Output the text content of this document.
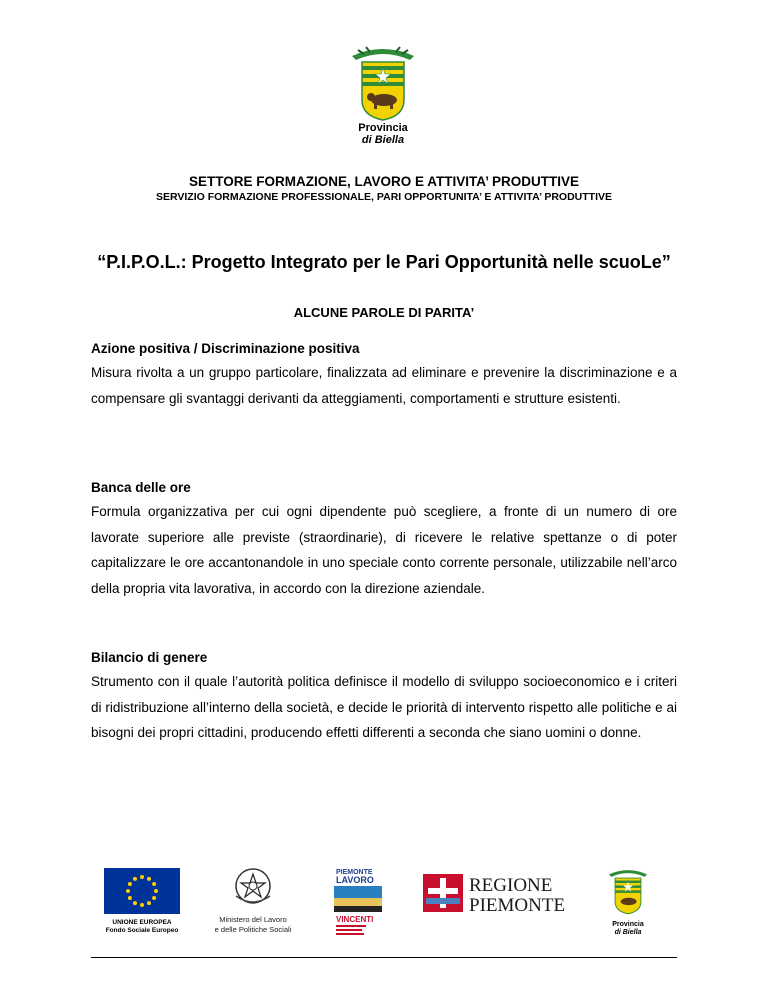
Provincia
di Biella
SETTORE FORMAZIONE, LAVORO E ATTIVITA’ PRODUTTIVE
SERVIZIO FORMAZIONE PROFESSIONALE, PARI OPPORTUNITA’ E ATTIVITA’ PRODUTTIVE
“P.I.P.O.L.: Progetto Integrato per le Pari Opportunità nelle scuoLe”
ALCUNE PAROLE DI PARITA’
Azione positiva / Discriminazione positiva

Misura rivolta a un gruppo particolare, finalizzata ad eliminare e prevenire la discriminazione e a compensare gli svantaggi derivanti da atteggiamenti, comportamenti e strutture esistenti.

Banca delle ore

Formula organizzativa per cui ogni dipendente può scegliere, a fronte di un numero di ore lavorate superiore alle previste (straordinarie), di ricevere le relative spettanze o di poter capitalizzare le ore accantonandole in uno speciale conto corrente personale, utilizzabile nell’arco della propria vita lavorativa, in accordo con la direzione aziendale.

Bilancio di genere

Strumento con il quale l’autorità politica definisce il modello di sviluppo socioeconomico e i criteri di ridistribuzione all’interno della società, e decide le priorità di intervento rispetto alle politiche e ai bisogni dei propri cittadini, producendo effetti differenti a seconda che siano uomini o donne.

UNIONE EUROPEA
Fondo Sociale Europeo
Ministero del Lavoro
e delle Politiche Sociali
PIEMONTE
LAVORO
VINCENTI
REGIONE
PIEMONTE
Provincia
di Biella
